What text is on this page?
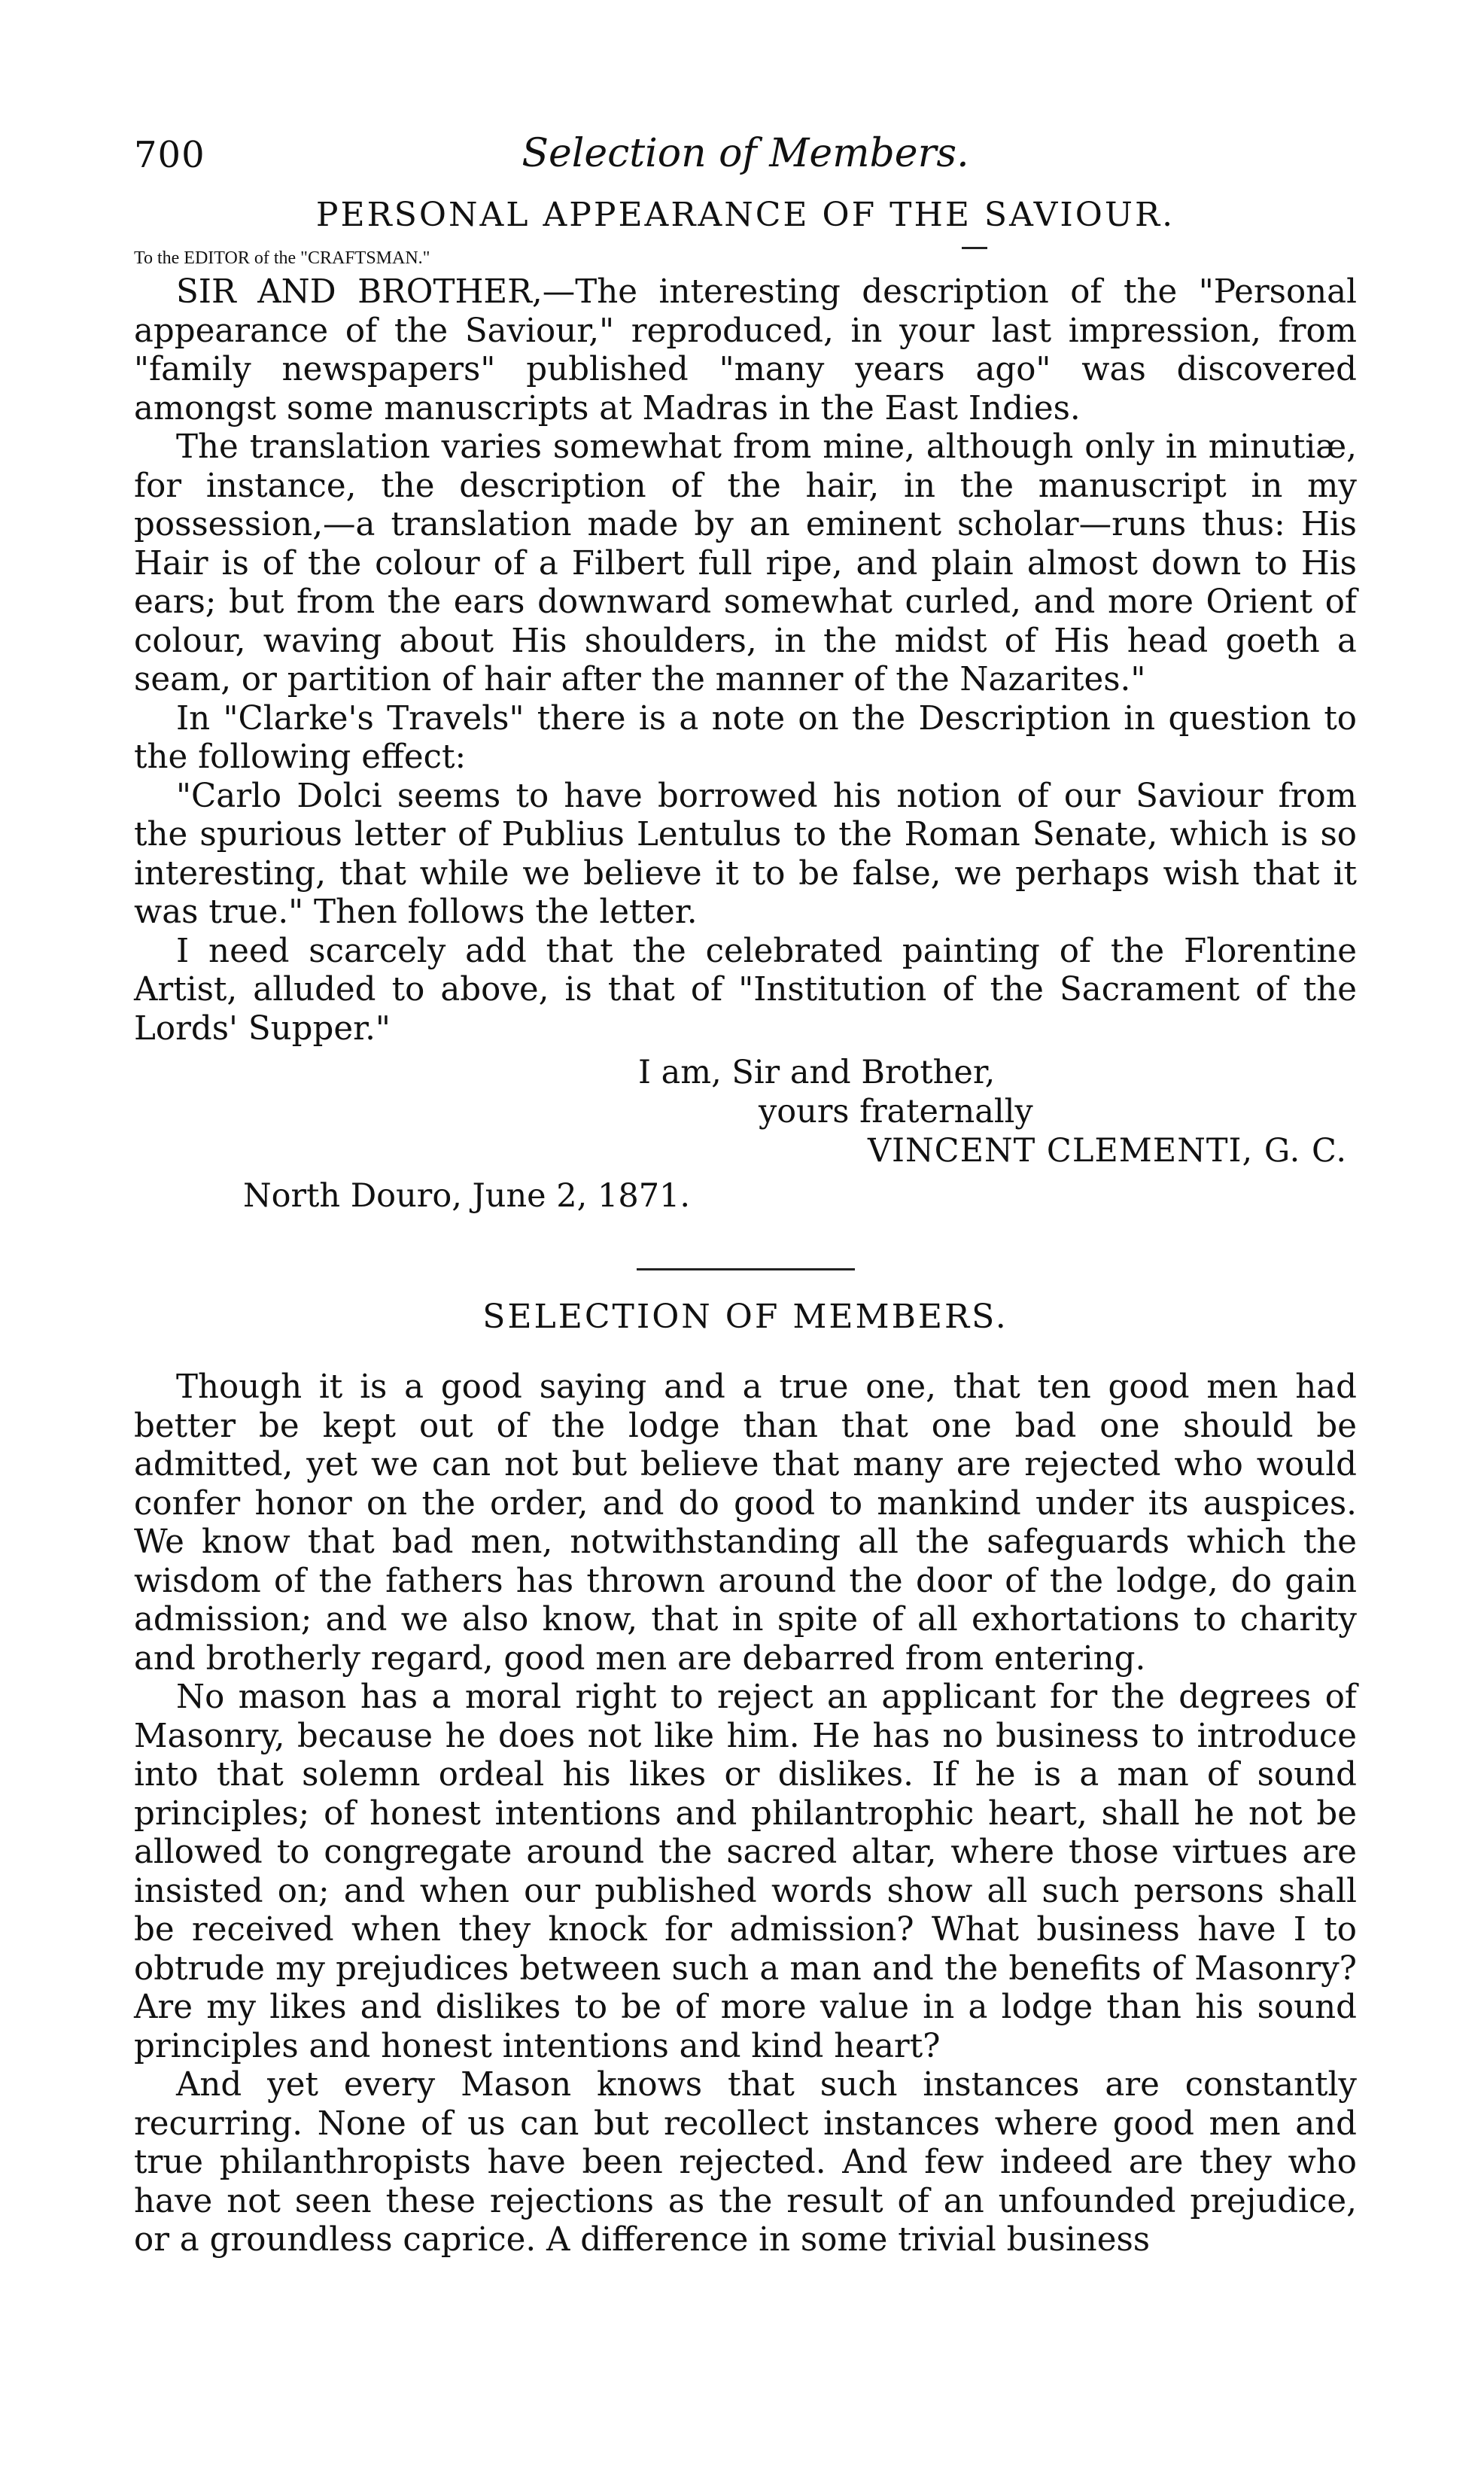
700	Selection of Members.
PERSONAL APPEARANCE OF THE SAVIOUR.
To the EDITOR of the "CRAFTSMAN."

SIR AND BROTHER,—The interesting description of the "Personal appearance of the Saviour," reproduced, in your last impression, from "family newspapers" published "many years ago" was discovered amongst some manuscripts at Madras in the East Indies.

The translation varies somewhat from mine, although only in minutiæ, for instance, the description of the hair, in the manuscript in my possession,—a translation made by an eminent scholar—runs thus: His Hair is of the colour of a Filbert full ripe, and plain almost down to His ears; but from the ears downward somewhat curled, and more Orient of colour, waving about His shoulders, in the midst of His head goeth a seam, or partition of hair after the manner of the Nazarites."

In "Clarke's Travels" there is a note on the Description in question to the following effect:

"Carlo Dolci seems to have borrowed his notion of our Saviour from the spurious letter of Publius Lentulus to the Roman Senate, which is so interesting, that while we believe it to be false, we perhaps wish that it was true." Then follows the letter.

I need scarcely add that the celebrated painting of the Florentine Artist, alluded to above, is that of "Institution of the Sacrament of the Lords' Supper."

I am, Sir and Brother,

yours fraternally

VINCENT CLEMENTI, G. C.

North Douro, June 2, 1871.
SELECTION OF MEMBERS.

Though it is a good saying and a true one, that ten good men had better be kept out of the lodge than that one bad one should be admitted, yet we can not but believe that many are rejected who would confer honor on the order, and do good to mankind under its auspices. We know that bad men, notwithstanding all the safeguards which the wisdom of the fathers has thrown around the door of the lodge, do gain admission; and we also know, that in spite of all exhortations to charity and brotherly regard, good men are debarred from entering.

No mason has a moral right to reject an applicant for the degrees of Masonry, because he does not like him. He has no business to introduce into that solemn ordeal his likes or dislikes. If he is a man of sound principles; of honest intentions and philantrophic heart, shall he not be allowed to congregate around the sacred altar, where those virtues are insisted on; and when our published words show all such persons shall be received when they knock for admission? What business have I to obtrude my prejudices between such a man and the benefits of Masonry? Are my likes and dislikes to be of more value in a lodge than his sound principles and honest intentions and kind heart?

And yet every Mason knows that such instances are constantly recurring. None of us can but recollect instances where good men and true philanthropists have been rejected. And few indeed are they who have not seen these rejections as the result of an unfounded prejudice, or a groundless caprice. A difference in some trivial business
